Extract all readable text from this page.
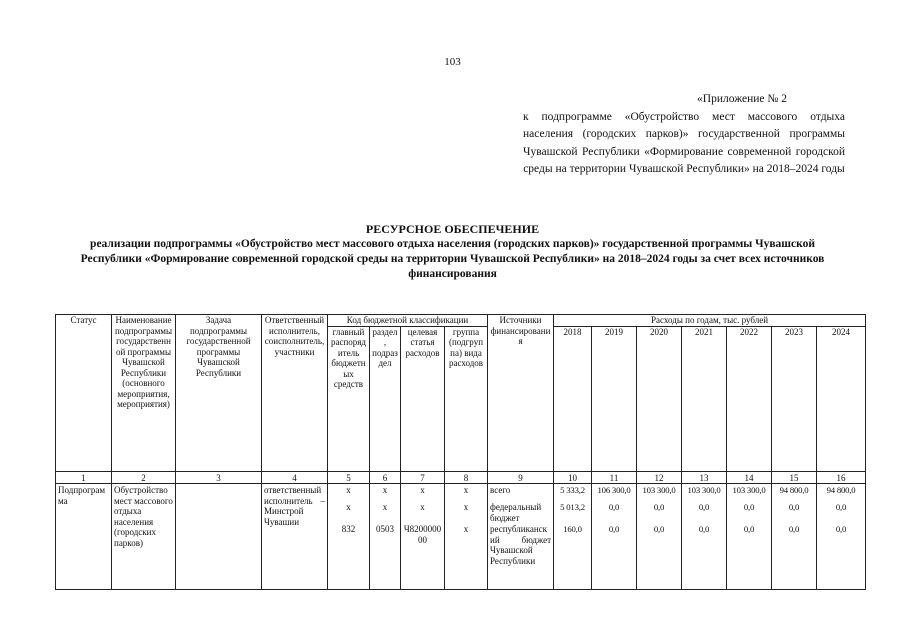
103
«Приложение № 2
к подпрограмме «Обустройство мест массового отдыха населения (городских парков)» государственной программы Чувашской Республики «Формирование современной городской среды на территории Чувашской Республики» на 2018–2024 годы
РЕСУРСНОЕ ОБЕСПЕЧЕНИЕ
реализации подпрограммы «Обустройство мест массового отдыха населения (городских парков)» государственной программы Чувашской Республики «Формирование современной городской среды на территории Чувашской Республики» на 2018–2024 годы за счет всех источников финансирования
Статус	Наименование подпрограммы государственной программы Чувашской Республики (основного мероприятия, мероприятия)	Задача подпрограммы государственной программы Чувашской Республики	Ответственный исполнитель, соисполнитель, участники	Код бюджетной классификации				Источники финансирования	Расходы по годам, тыс. рублей						
				главный распорядитель бюджетных средств	раздел, подраздел	целевая статья расходов	группа (подгруппа) вида расходов		2018	2019	2020	2021	2022	2023	2024
1	2	3	4	5	6	7	8	9	10	11	12	13	14	15	16
Подпрограмма	Обустройство мест массового отдыха населения (городских парков)		ответственный исполнитель – Минстрой Чувашии	x	x	x	x	всего	5 333,2	106 300,0	103 300,0	103 300,0	103 300,0	94 800,0	94 800,0
				x	x	x	x	федеральный бюджет	5 013,2	0,0	0,0	0,0	0,0	0,0	0,0
				832	0503	Ч820000000	x	республиканский бюджет Чувашской Республики	160,0	0,0	0,0	0,0	0,0	0,0	0,0
